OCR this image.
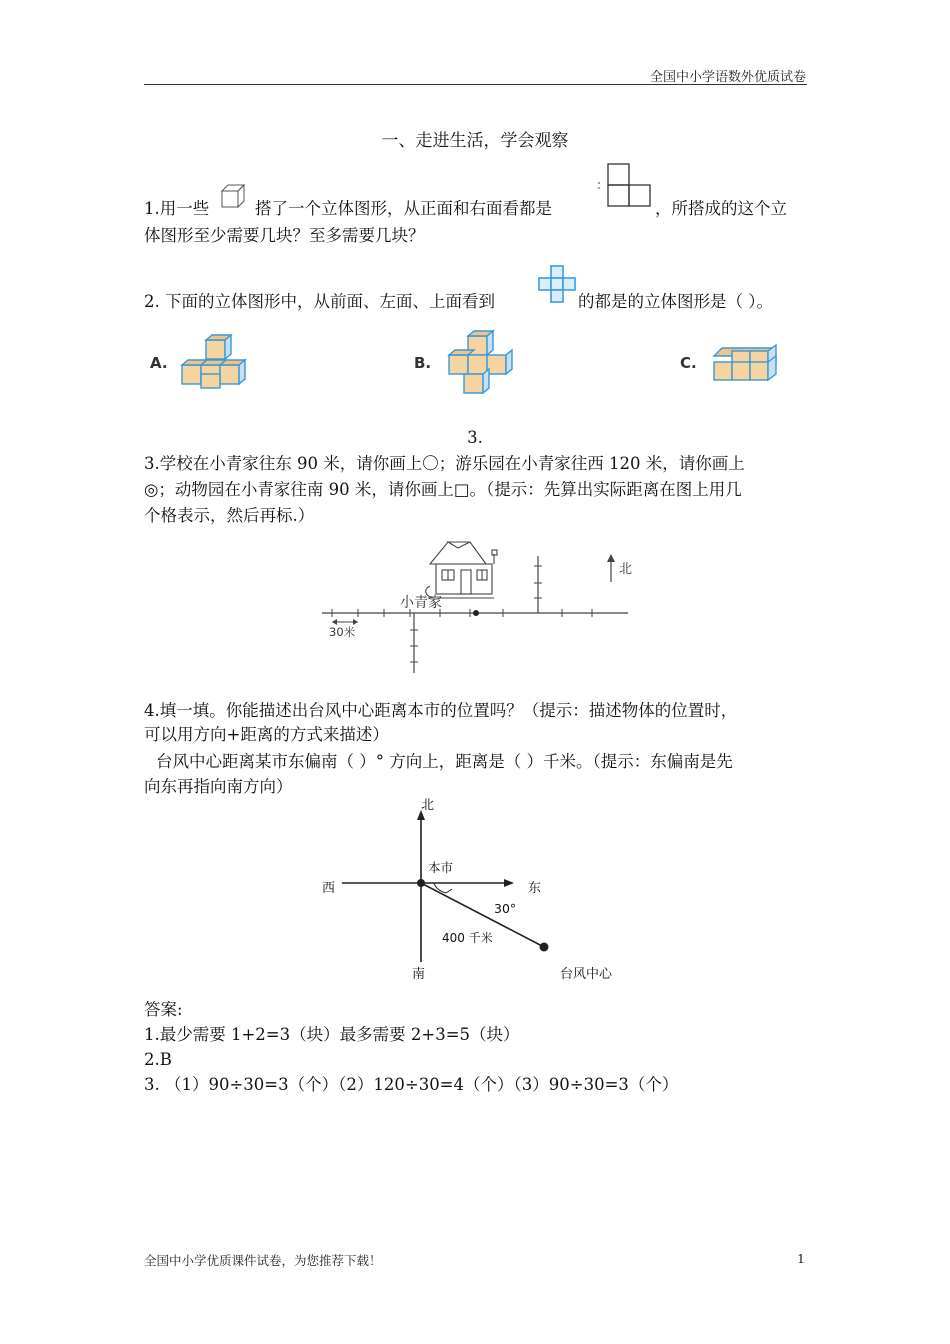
全国中小学语数外优质试卷
一、走进生活，学会观察
1.用一些	搭了一个立体图形，从正面和右面看都是	，所搭成的这个立
体图形至少需要几块？至多需要几块？
2. 下面的立体图形中，从前面、左面、上面看到	的都是的立体图形是（ ）。
A.	B.	C.
3.
3.学校在小青家往东 90 米，请你画上〇；游乐园在小青家往西 120 米，请你画上
◎；动物园在小青家往南 90 米，请你画上□。（提示：先算出实际距离在图上用几
个格表示，然后再标.）
小青家
30米
北
4.填一填。你能描述出台风中心距离本市的位置吗？（提示：描述物体的位置时，
可以用方向+距离的方式来描述）
台风中心距离某市东偏南（ ）° 方向上，距离是（ ）千米。（提示：东偏南是先
向东再指向南方向）
北
西	东
南
本市
30°
400 千米
台风中心
答案:
1.最少需要 1+2=3（块）最多需要 2+3=5（块）
2.B
3. （1）90÷30=3（个）（2）120÷30=4（个）（3）90÷30=3（个）
全国中小学优质课件试卷，为您推荐下载！	1
